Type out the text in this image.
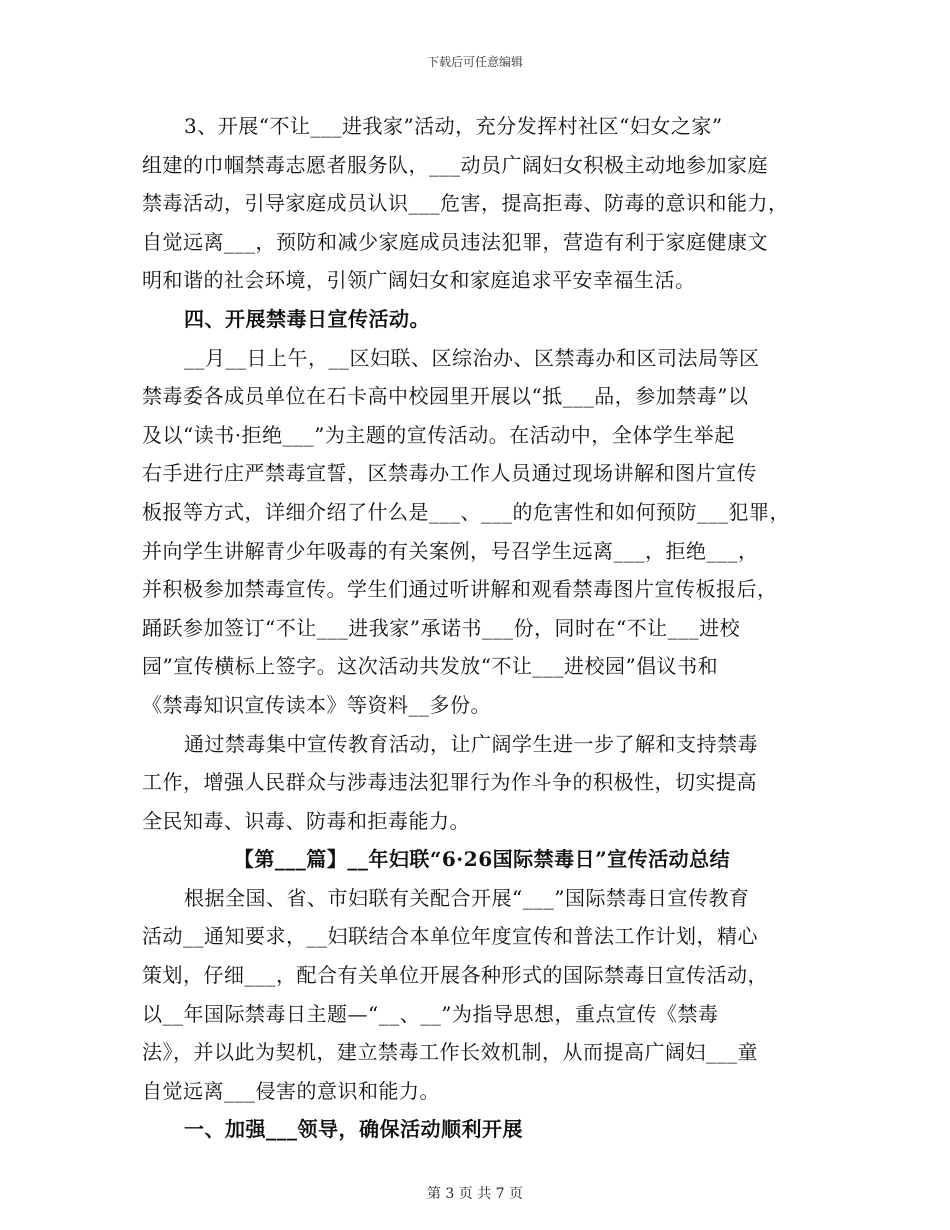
下载后可任意编辑
3、开展“不让___进我家”活动，充分发挥村社区“妇女之家”
组建的巾帼禁毒志愿者服务队，___动员广阔妇女积极主动地参加家庭
禁毒活动，引导家庭成员认识___危害，提高拒毒、防毒的意识和能力，
自觉远离___，预防和减少家庭成员违法犯罪，营造有利于家庭健康文
明和谐的社会环境，引领广阔妇女和家庭追求平安幸福生活。
四、开展禁毒日宣传活动。
__月__日上午，__区妇联、区综治办、区禁毒办和区司法局等区
禁毒委各成员单位在石卡高中校园里开展以“抵___品，参加禁毒”以
及以“读书·拒绝___”为主题的宣传活动。在活动中，全体学生举起
右手进行庄严禁毒宣誓，区禁毒办工作人员通过现场讲解和图片宣传
板报等方式，详细介绍了什么是___、___的危害性和如何预防___犯罪，
并向学生讲解青少年吸毒的有关案例，号召学生远离___，拒绝___，
并积极参加禁毒宣传。学生们通过听讲解和观看禁毒图片宣传板报后，
踊跃参加签订“不让___进我家”承诺书___份，同时在“不让___进校
园”宣传横标上签字。这次活动共发放“不让___进校园”倡议书和
《禁毒知识宣传读本》等资料__多份。
通过禁毒集中宣传教育活动，让广阔学生进一步了解和支持禁毒
工作，增强人民群众与涉毒违法犯罪行为作斗争的积极性，切实提高
全民知毒、识毒、防毒和拒毒能力。
【第___篇】__年妇联“6·26国际禁毒日”宣传活动总结
根据全国、省、市妇联有关配合开展“___”国际禁毒日宣传教育
活动__通知要求，__妇联结合本单位年度宣传和普法工作计划，精心
策划，仔细___，配合有关单位开展各种形式的国际禁毒日宣传活动，
以__年国际禁毒日主题—“__、__”为指导思想，重点宣传《禁毒
法》，并以此为契机，建立禁毒工作长效机制，从而提高广阔妇___童
自觉远离___侵害的意识和能力。
一、加强___领导，确保活动顺利开展
第 3 页 共 7 页
